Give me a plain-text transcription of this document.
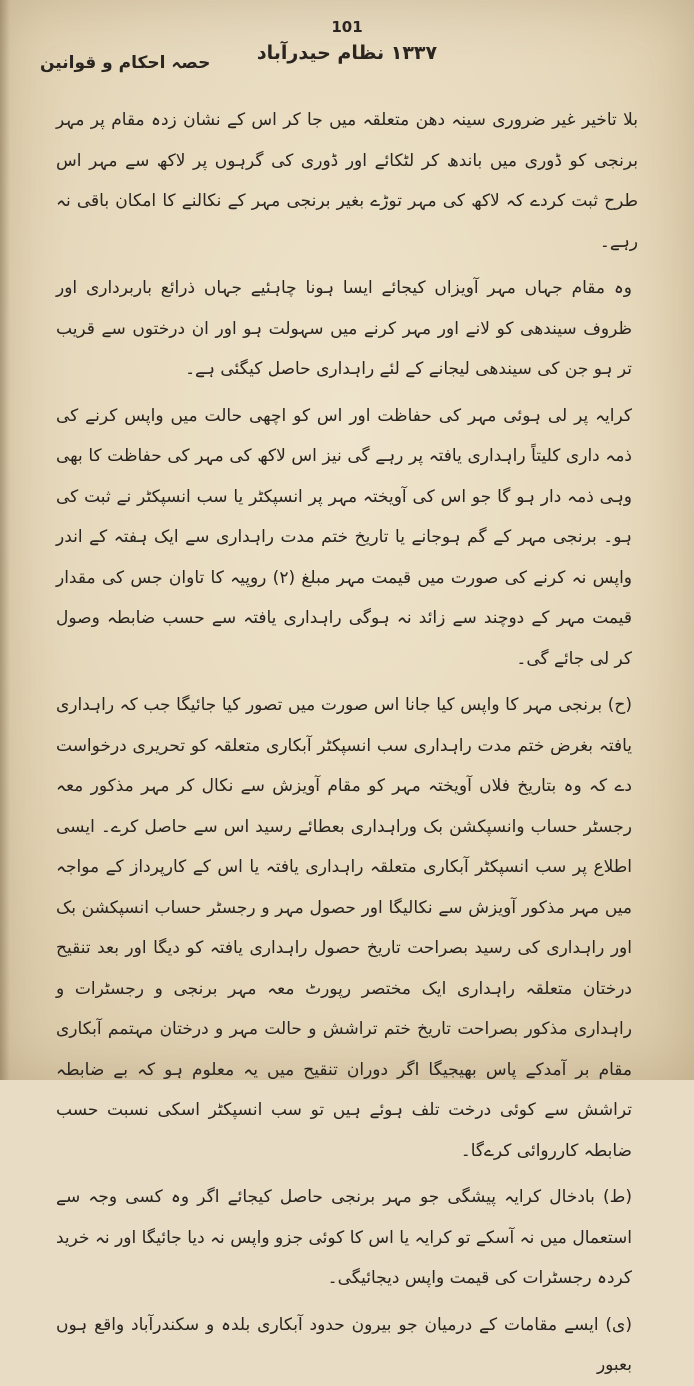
101
۱۳۳۷ نظام حیدرآباد
حصہ احکام و قوانین

بلا تاخیر غیر ضروری سینہ دھن متعلقہ میں جا کر اس کے نشان زدہ مقام پر مہر برنجی کو ڈوری میں باندھ کر لٹکائے اور ڈوری کی گرہوں پر لاکھ سے مہر اس طرح ثبت کردے کہ لاکھ کی مہر توڑے بغیر برنجی مہر کے نکالنے کا امکان باقی نہ رہے۔

وہ مقام جہاں مہر آویزاں کیجائے ایسا ہونا چاہئیے جہاں ذرائع باربرداری اور ظروف سیندھی کو لانے اور مہر کرنے میں سہولت ہو اور ان درختوں سے قریب تر ہو جن کی سیندھی لیجانے کے لئے راہداری حاصل کیگئی ہے۔

کرایہ پر لی ہوئی مہر کی حفاظت اور اس کو اچھی حالت میں واپس کرنے کی ذمہ داری کلیتاً راہداری یافتہ پر رہے گی نیز اس لاکھ کی مہر کی حفاظت کا بھی وہی ذمہ دار ہو گا جو اس کی آویختہ مہر پر انسپکٹر یا سب انسپکٹر نے ثبت کی ہو۔ برنجی مہر کے گم ہوجانے یا تاریخ ختم مدت راہداری سے ایک ہفتہ کے اندر واپس نہ کرنے کی صورت میں قیمت مہر مبلغ (۲) روپیہ کا تاوان جس کی مقدار قیمت مہر کے دوچند سے زائد نہ ہوگی راہداری یافتہ سے حسب ضابطہ وصول کر لی جائے گی۔

(ح) برنجی مہر کا واپس کیا جانا اس صورت میں تصور کیا جائیگا جب کہ راہداری یافتہ بغرض ختم مدت راہداری سب انسپکٹر آبکاری متعلقہ کو تحریری درخواست دے کہ وہ بتاریخ فلاں آویختہ مہر کو مقام آویزش سے نکال کر مہر مذکور معہ رجسٹر حساب وانسپکشن بک وراہداری بعطائے رسید اس سے حاصل کرے۔ ایسی اطلاع پر سب انسپکٹر آبکاری متعلقہ راہداری یافتہ یا اس کے کارپرداز کے مواجہ میں مہر مذکور آویزش سے نکالیگا اور حصول مہر و رجسٹر حساب انسپکشن بک اور راہداری کی رسید بصراحت تاریخ حصول راہداری یافتہ کو دیگا اور بعد تنقیح درختان متعلقہ راہداری ایک مختصر رپورٹ معہ مہر برنجی و رجسٹرات و راہداری مذکور بصراحت تاریخ ختم تراشش و حالت مہر و درختان مہتمم آبکاری مقام بر آمدکے پاس بھیجیگا اگر دوران تنقیح میں یہ معلوم ہو کہ بے ضابطہ تراشش سے کوئی درخت تلف ہوئے ہیں تو سب انسپکٹر اسکی نسبت حسب ضابطہ کارروائی کرےگا۔

(ط) بادخال کرایہ پیشگی جو مہر برنجی حاصل کیجائے اگر وہ کسی وجہ سے استعمال میں نہ آسکے تو کرایہ یا اس کا کوئی جزو واپس نہ دیا جائیگا اور نہ خرید کردہ رجسٹرات کی قیمت واپس دیجائیگی۔

(ی) ایسے مقامات کے درمیان جو بیرون حدود آبکاری بلدہ و سکندرآباد واقع ہوں بعبور
